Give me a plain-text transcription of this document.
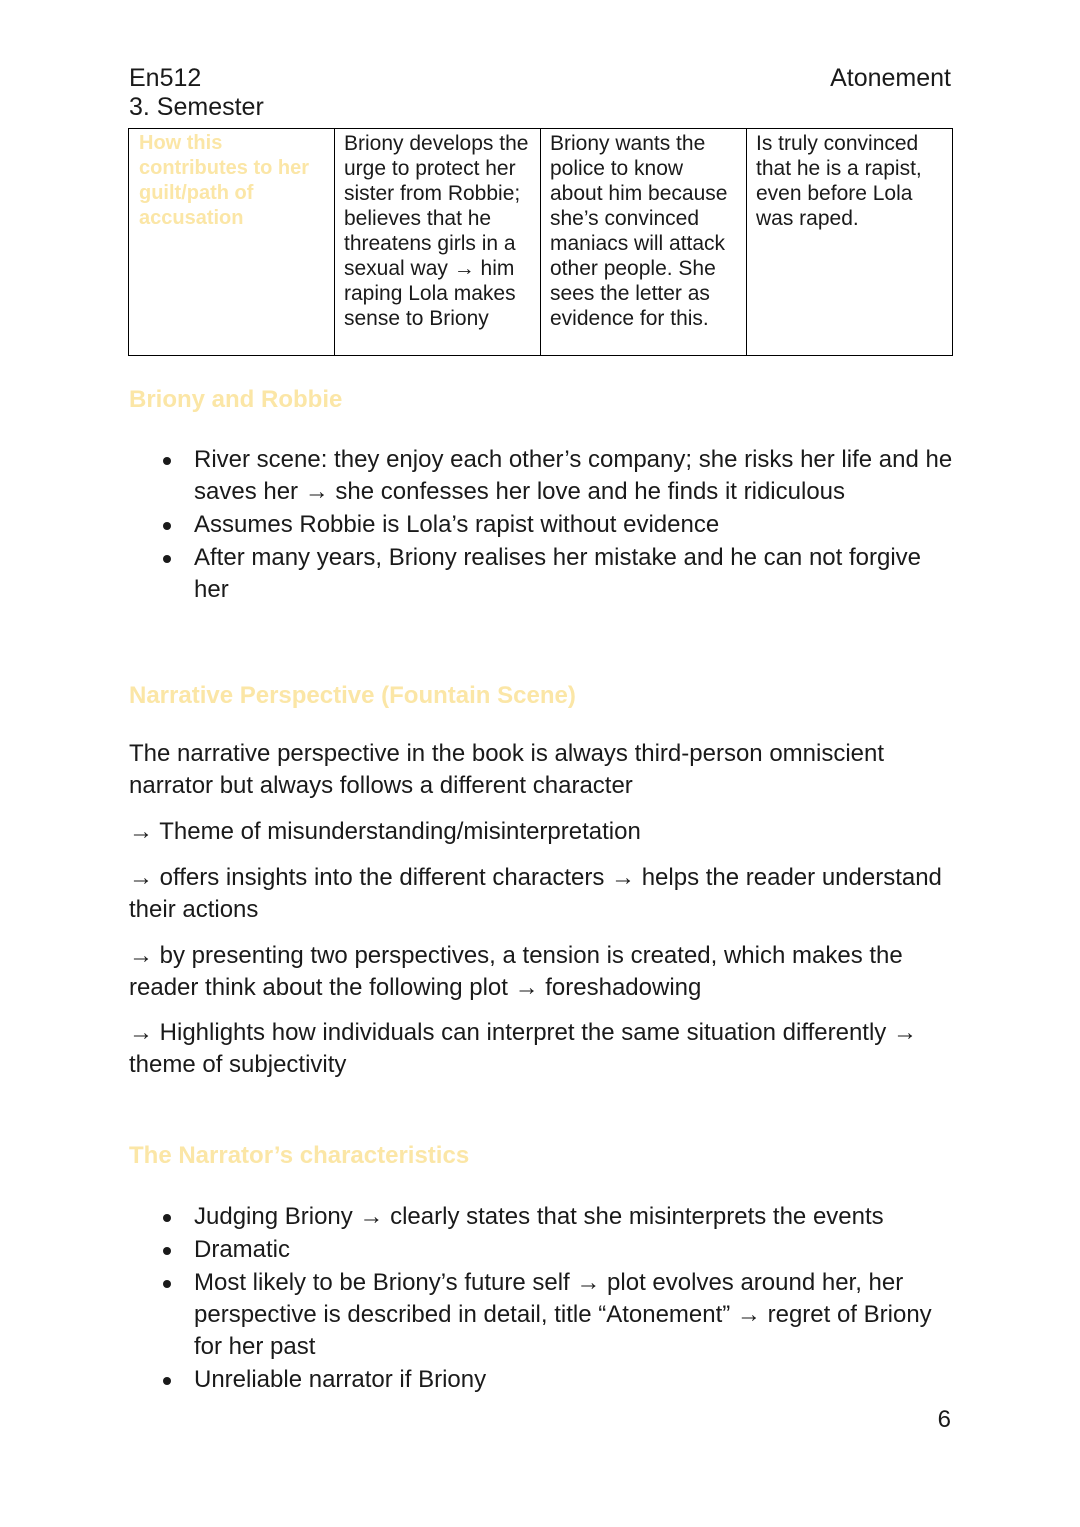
En512
3. Semester
Atonement
How this contributes to her guilt/path of accusation	Briony develops the urge to protect her sister from Robbie; believes that he threatens girls in a sexual way → him raping Lola makes sense to Briony	Briony wants the police to know about him because she’s convinced maniacs will attack other people. She sees the letter as evidence for this.	Is truly convinced that he is a rapist, even before Lola was raped.
Briony and Robbie
River scene: they enjoy each other’s company; she risks her life and he saves her → she confesses her love and he finds it ridiculous
Assumes Robbie is Lola’s rapist without evidence
After many years, Briony realises her mistake and he can not forgive her
Narrative Perspective (Fountain Scene)

The narrative perspective in the book is always third-person omniscient narrator but always follows a different character

→ Theme of misunderstanding/misinterpretation

→ offers insights into the different characters → helps the reader understand their actions

→ by presenting two perspectives, a tension is created, which makes the reader think about the following plot → foreshadowing

→ Highlights how individuals can interpret the same situation differently → theme of subjectivity

The Narrator’s characteristics
Judging Briony → clearly states that she misinterprets the events
Dramatic
Most likely to be Briony’s future self → plot evolves around her, her perspective is described in detail, title “Atonement” → regret of Briony for her past
Unreliable narrator if Briony
6
